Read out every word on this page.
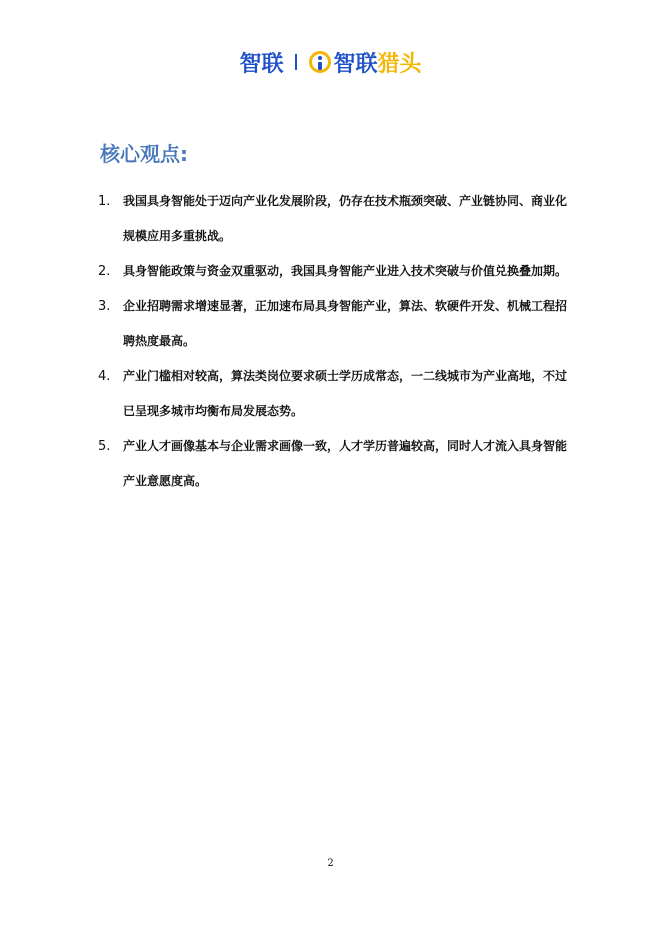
智联 智联 猎头
核心观点:
1. 我国具身智能处于迈向产业化发展阶段，仍存在技术瓶颈突破、产业链协同、商业化规模应用多重挑战。
2. 具身智能政策与资金双重驱动，我国具身智能产业进入技术突破与价值兑换叠加期。
3. 企业招聘需求增速显著，正加速布局具身智能产业，算法、软硬件开发、机械工程招聘热度最高。
4. 产业门槛相对较高，算法类岗位要求硕士学历成常态，一二线城市为产业高地，不过已呈现多城市均衡布局发展态势。
5. 产业人才画像基本与企业需求画像一致，人才学历普遍较高，同时人才流入具身智能产业意愿度高。
2
